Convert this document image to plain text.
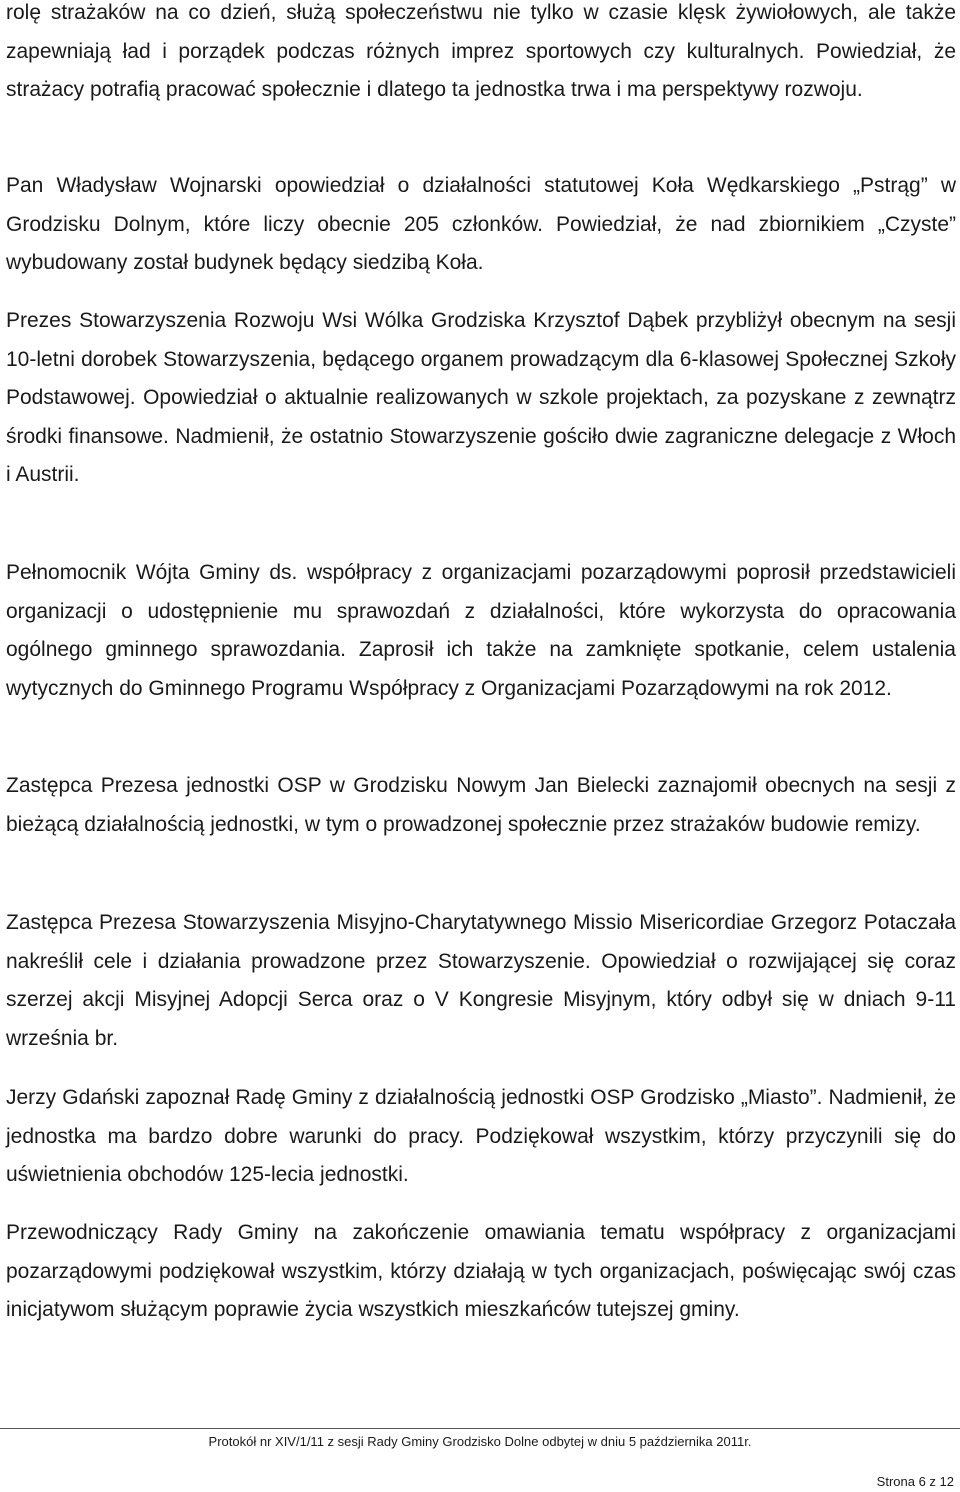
rolę strażaków na co dzień, służą społeczeństwu nie tylko w czasie klęsk żywiołowych, ale także zapewniają ład i porządek podczas różnych imprez sportowych czy kulturalnych. Powiedział, że strażacy potrafią pracować społecznie i dlatego ta jednostka trwa i ma perspektywy rozwoju.

Pan Władysław Wojnarski opowiedział o działalności statutowej Koła Wędkarskiego „Pstrąg” w Grodzisku Dolnym, które liczy obecnie 205 członków. Powiedział, że nad zbiornikiem „Czyste” wybudowany został budynek będący siedzibą Koła.

Prezes Stowarzyszenia Rozwoju Wsi Wólka Grodziska Krzysztof Dąbek przybliżył obecnym na sesji 10-letni dorobek Stowarzyszenia, będącego organem prowadzącym dla 6-klasowej Społecznej Szkoły Podstawowej. Opowiedział o aktualnie realizowanych w szkole projektach, za pozyskane z zewnątrz środki finansowe. Nadmienił, że ostatnio Stowarzyszenie gościło dwie zagraniczne delegacje z Włoch i Austrii.

Pełnomocnik Wójta Gminy ds. współpracy z organizacjami pozarządowymi poprosił przedstawicieli organizacji o udostępnienie mu sprawozdań z działalności, które wykorzysta do opracowania ogólnego gminnego sprawozdania. Zaprosił ich także na zamknięte spotkanie, celem ustalenia wytycznych do Gminnego Programu Współpracy z Organizacjami Pozarządowymi na rok 2012.

Zastępca Prezesa jednostki OSP w Grodzisku Nowym Jan Bielecki zaznajomił obecnych na sesji z bieżącą działalnością jednostki, w tym o prowadzonej społecznie przez strażaków budowie remizy.

Zastępca Prezesa Stowarzyszenia Misyjno-Charytatywnego Missio Misericordiae Grzegorz Potaczała nakreślił cele i działania prowadzone przez Stowarzyszenie. Opowiedział o rozwijającej się coraz szerzej akcji Misyjnej Adopcji Serca oraz o V Kongresie Misyjnym, który odbył się w dniach 9-11 września br.

Jerzy Gdański zapoznał Radę Gminy z działalnością jednostki OSP Grodzisko „Miasto”. Nadmienił, że jednostka ma bardzo dobre warunki do pracy. Podziękował wszystkim, którzy przyczynili się do uświetnienia obchodów 125-lecia jednostki.

Przewodniczący Rady Gminy na zakończenie omawiania tematu współpracy z organizacjami pozarządowymi podziękował wszystkim, którzy działają w tych organizacjach, poświęcając swój czas inicjatywom służącym poprawie życia wszystkich mieszkańców tutejszej gminy.

Protokół nr XIV/1/11 z sesji Rady Gminy Grodzisko Dolne odbytej w dniu 5 października 2011r.
Strona 6 z 12
